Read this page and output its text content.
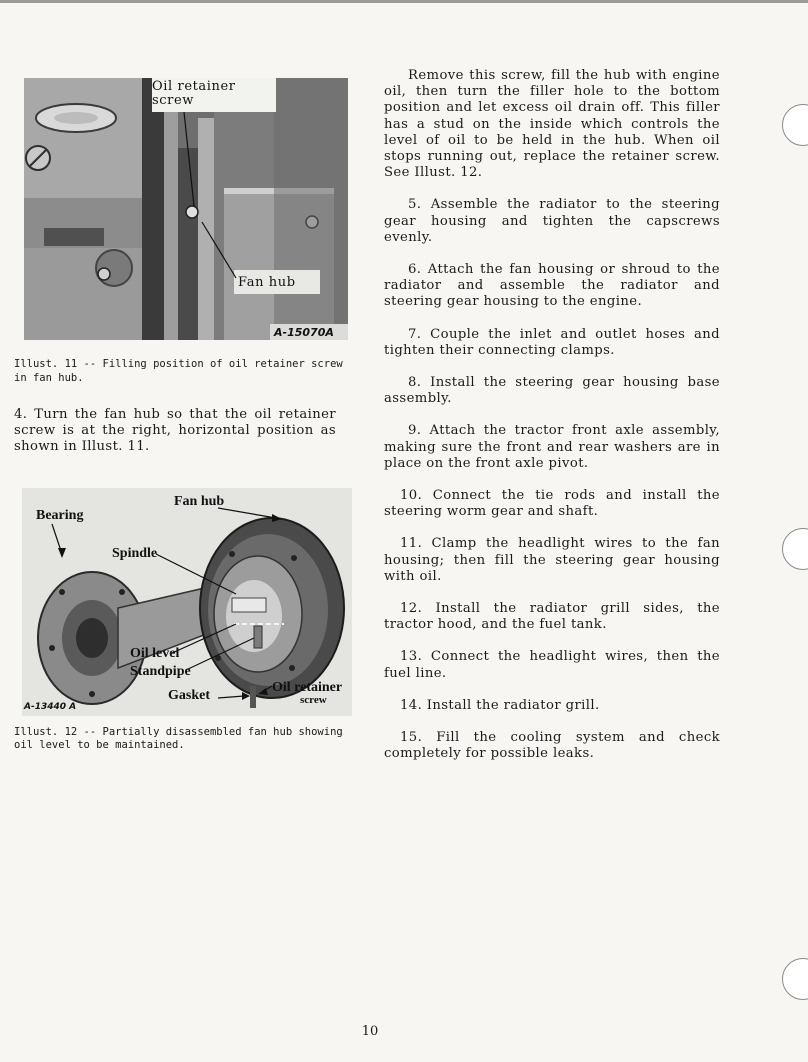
Oil retainer
screw
Fan hub
A-15070A

Illust. 11 -- Filling position of oil retainer screw in fan hub.

4. Turn the fan hub so that the oil retainer screw is at the right, horizontal position as shown in Illust. 11.

Bearing
Fan hub
Spindle
Oil level
Standpipe
Gasket
Oil retainer
screw
A-13440 A

Illust. 12 -- Partially disassembled fan hub showing oil level to be maintained.

Remove this screw, fill the hub with engine oil, then turn the filler hole to the bottom position and let excess oil drain off. This filler has a stud on the inside which controls the level of oil to be held in the hub. When oil stops running out, replace the retainer screw. See Illust. 12.

5. Assemble the radiator to the steering gear housing and tighten the capscrews evenly.

6. Attach the fan housing or shroud to the radiator and assemble the radiator and steering gear housing to the engine.

7. Couple the inlet and outlet hoses and tighten their connecting clamps.

8. Install the steering gear housing base assembly.

9. Attach the tractor front axle assembly, making sure the front and rear washers are in place on the front axle pivot.

10. Connect the tie rods and install the steering worm gear and shaft.

11. Clamp the headlight wires to the fan housing; then fill the steering gear housing with oil.

12. Install the radiator grill sides, the tractor hood, and the fuel tank.

13. Connect the headlight wires, then the fuel line.

14. Install the radiator grill.

15. Fill the cooling system and check completely for possible leaks.

10
